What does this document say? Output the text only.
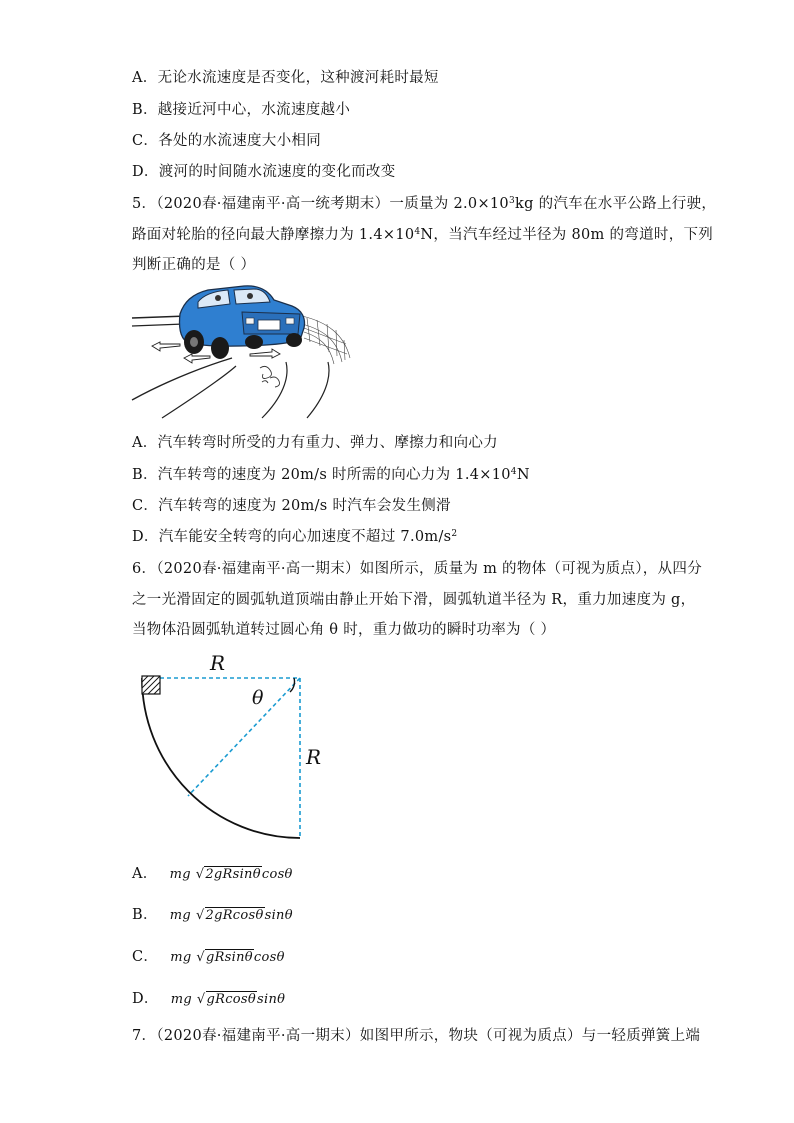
A．无论水流速度是否变化，这种渡河耗时最短
B．越接近河中心，水流速度越小
C．各处的水流速度大小相同
D．渡河的时间随水流速度的变化而改变
5．（2020春·福建南平·高一统考期末）一质量为 $2.0\times 10^3kg$ 的汽车在水平公路上行驶，
路面对轮胎的径向最大静摩擦力为 $1.4\times 10^4N$，当汽车经过半径为 80m 的弯道时，下列
判断正确的是（ ）
A．汽车转弯时所受的力有重力、弹力、摩擦力和向心力
B．汽车转弯的速度为 20m/s 时所需的向心力为 $1.4\times 10^4N$
C．汽车转弯的速度为 20m/s 时汽车会发生侧滑
D．汽车能安全转弯的向心加速度不超过 $7.0m/s^2$
6．（2020春·福建南平·高一期末）如图所示，质量为 m 的物体（可视为质点），从四分
之一光滑固定的圆弧轨道顶端由静止开始下滑，圆弧轨道半径为 R，重力加速度为 g，
当物体沿圆弧轨道转过圆心角 θ 时，重力做功的瞬时功率为（ ）
R
R
θ
A． mg √2gRsinθcosθ
B． mg √2gRcosθsinθ
C． mg √gRsinθcosθ
D． mg √gRcosθsinθ
7．（2020春·福建南平·高一期末）如图甲所示，物块（可视为质点）与一轻质弹簧上端
